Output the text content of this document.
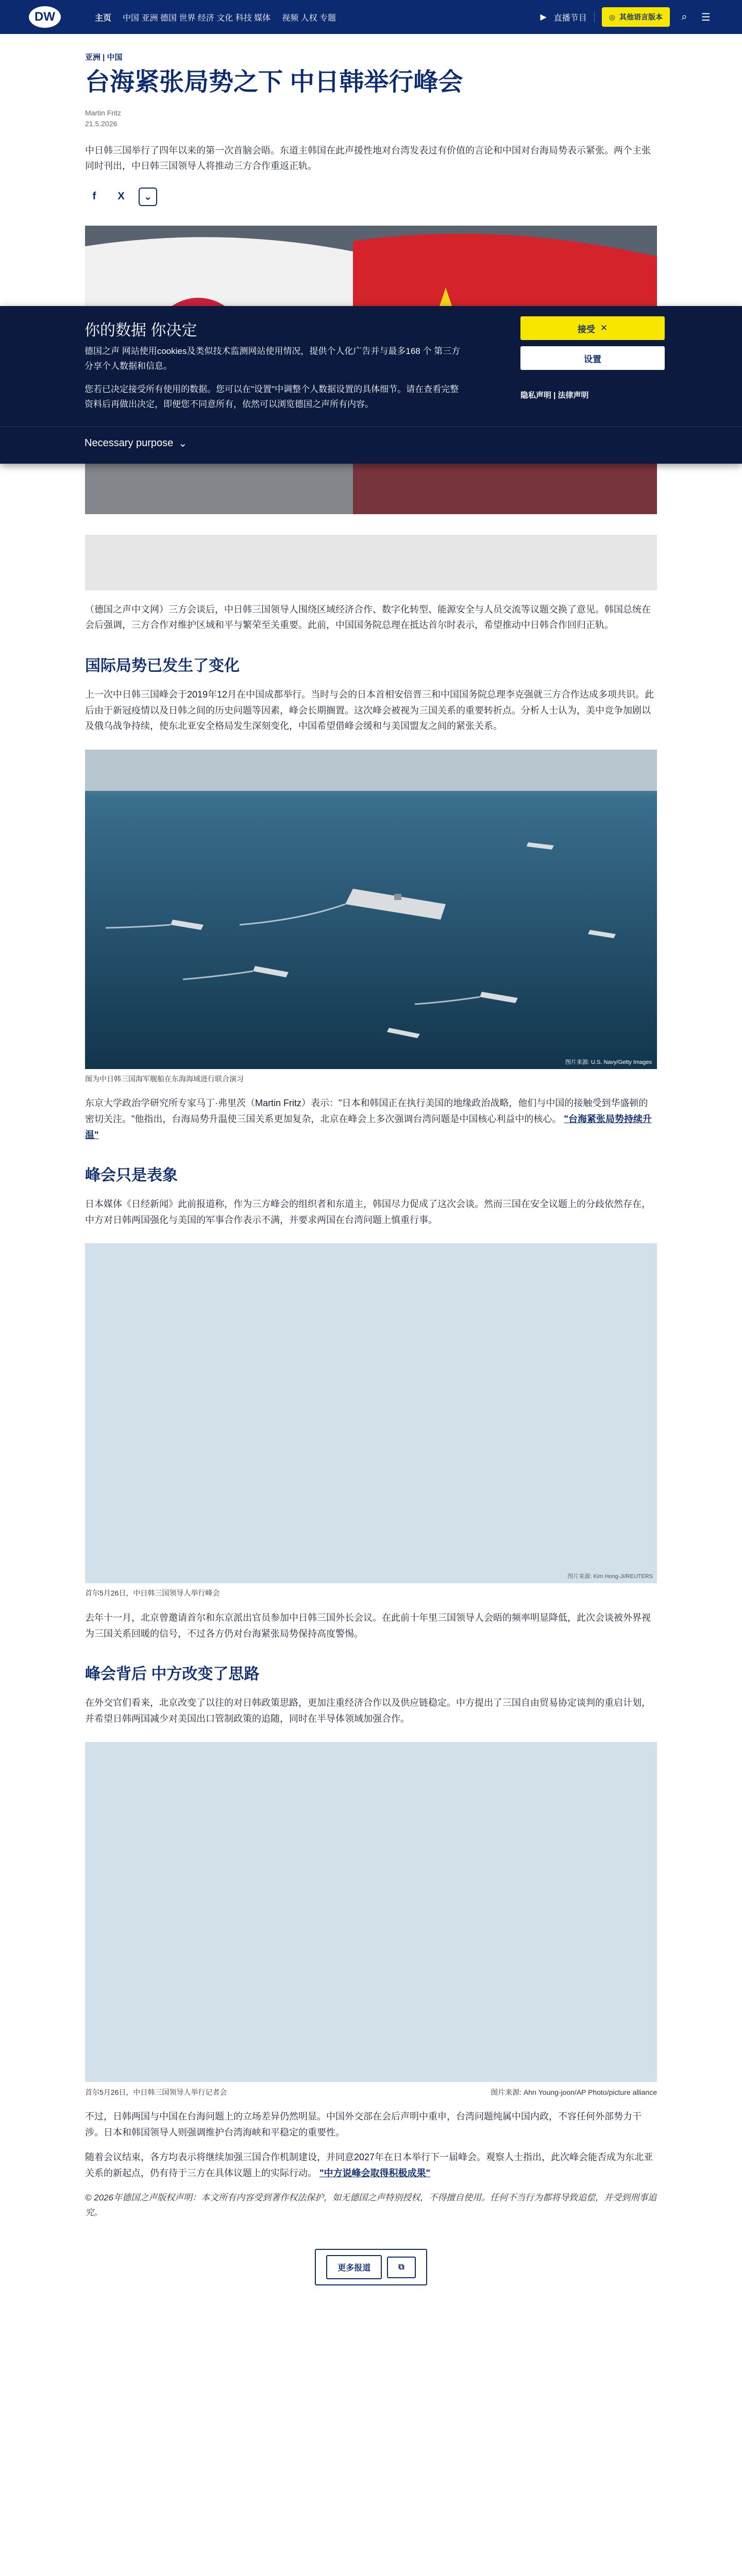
DW	主页 中国 亚洲 德国 世界 经济 文化 科技 媒体 视频 人权 专题	▶ 直播节目	◎ 其他语言版本	⌕	☰
亚洲 | 中国
台海紧张局势之下 中日韩举行峰会
Martin Fritz
21.5.2026

中日韩三国举行了四年以来的第一次首脑会晤。东道主韩国在此声援性地对台湾发表过有价值的言论和中国对台海局势表示紧张。两个主张同时刊出，中日韩三国领导人将推动三方合作重返正轨。

f	X	⌄

（德国之声中文网）三方会谈后，中日韩三国领导人围绕区域经济合作、数字化转型、能源安全与人员交流等议题交换了意见。韩国总统在会后强调，三方合作对维护区域和平与繁荣至关重要。此前，中国国务院总理在抵达首尔时表示，希望推动中日韩合作回归正轨。

国际局势已发生了变化

上一次中日韩三国峰会于2019年12月在中国成都举行。当时与会的日本首相安倍晋三和中国国务院总理李克强就三方合作达成多项共识。此后由于新冠疫情以及日韩之间的历史问题等因素，峰会长期搁置。这次峰会被视为三国关系的重要转折点。分析人士认为，美中竞争加剧以及俄乌战争持续，使东北亚安全格局发生深刻变化，中国希望借峰会缓和与美国盟友之间的紧张关系。

图片来源: U.S. Navy/Getty Images
图为中日韩三国海军舰船在东海海域进行联合演习

东京大学政治学研究所专家马丁·弗里茨（Martin Fritz）表示："日本和韩国正在执行美国的地缘政治战略，他们与中国的接触受到华盛顿的密切关注。"他指出，台海局势升温使三国关系更加复杂，北京在峰会上多次强调台湾问题是中国核心利益中的核心。 "台海紧张局势持续升温"

峰会只是表象

日本媒体《日经新闻》此前报道称，作为三方峰会的组织者和东道主，韩国尽力促成了这次会谈。然而三国在安全议题上的分歧依然存在，中方对日韩两国强化与美国的军事合作表示不满，并要求两国在台湾问题上慎重行事。

图片来源: Kim Hong-Ji/REUTERS
首尔5月26日，中日韩三国领导人举行峰会

去年十一月，北京曾邀请首尔和东京派出官员参加中日韩三国外长会议。在此前十年里三国领导人会晤的频率明显降低，此次会谈被外界视为三国关系回暖的信号，不过各方仍对台海紧张局势保持高度警惕。

峰会背后 中方改变了思路

在外交官们看来，北京改变了以往的对日韩政策思路，更加注重经济合作以及供应链稳定。中方提出了三国自由贸易协定谈判的重启计划，并希望日韩两国减少对美国出口管制政策的追随，同时在半导体领域加强合作。

首尔5月26日，中日韩三国领导人举行记者会	图片来源: Ahn Young-joon/AP Photo/picture alliance

不过，日韩两国与中国在台海问题上的立场差异仍然明显。中国外交部在会后声明中重申，台湾问题纯属中国内政，不容任何外部势力干涉。日本和韩国领导人则强调维护台湾海峡和平稳定的重要性。

随着会议结束，各方均表示将继续加强三国合作机制建设，并同意2027年在日本举行下一届峰会。观察人士指出，此次峰会能否成为东北亚关系的新起点，仍有待于三方在具体议题上的实际行动。 "中方说峰会取得积极成果"

© 2026年德国之声版权声明：本文所有内容受到著作权法保护，如无德国之声特别授权，不得擅自使用。任何不当行为都将导致追偿，并受到刑事追究。

更多报道	⧉
你的数据 你决定

德国之声 网站使用cookies及类似技术监测网站使用情况，提供个人化广告并与最多168 个 第三方分享个人数据和信息。

您若已决定接受所有使用的数据。您可以在"设置"中调整个人数据设置的具体细节。请在查看完整资料后再做出决定，即便您不同意所有，依然可以浏览德国之声所有内容。

接受 ✕
设置
隐私声明 | 法律声明
Necessary purpose ⌄
